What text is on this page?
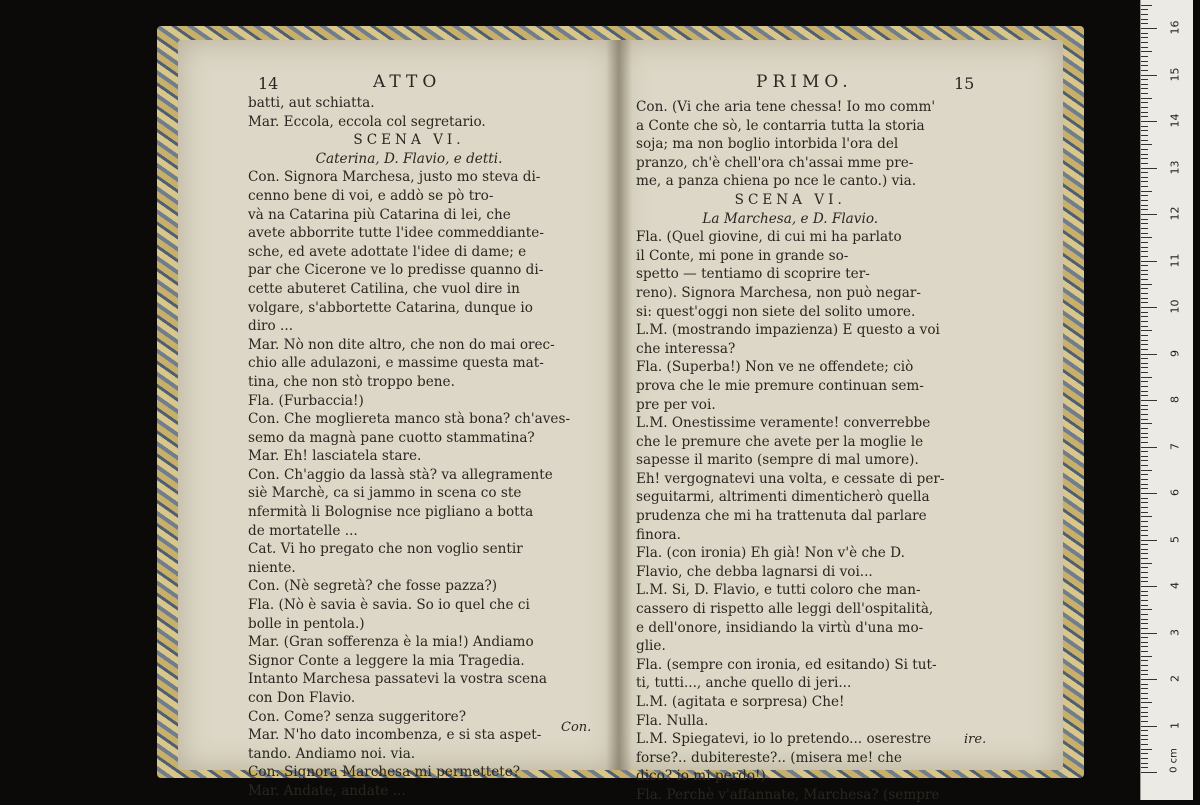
14	ATTO

batti, aut schiatta.

Mar. Eccola, eccola col segretario.

SCENA VI.

Caterina, D. Flavio, e detti.

Con. Signora Marchesa, justo mo steva di-

cenno bene di voi, e addò se pò tro-

và na Catarina più Catarina di lei, che

avete abborrite tutte l'idee commeddiante-

sche, ed avete adottate l'idee di dame; e

par che Cicerone ve lo predisse quanno di-

cette abuteret Catilina, che vuol dire in

volgare, s'abbortette Catarina, dunque io

diro ...

Mar. Nò non dite altro, che non do mai orec-

chio alle adulazoni, e massime questa mat-

tina, che non stò troppo bene.

Fla. (Furbaccia!)

Con. Che mogliereta manco stà bona? ch'aves-

semo da magnà pane cuotto stammatina?

Mar. Eh! lasciatela stare.

Con. Ch'aggio da lassà stà? va allegramente

siè Marchè, ca si jammo in scena co ste

nfermità li Bolognise nce pigliano a botta

de mortatelle ...

Cat. Vi ho pregato che non voglio sentir

niente.

Con. (Nè segretà? che fosse pazza?)

Fla. (Nò è savia è savia. So io quel che ci

bolle in pentola.)

Mar. (Gran sofferenza è la mia!) Andiamo

Signor Conte a leggere la mia Tragedia.

Intanto Marchesa passatevi la vostra scena

con Don Flavio.

Con. Come? senza suggeritore?

Mar. N'ho dato incombenza, e si sta aspet-

tando. Andiamo noi. via.

Con. Signora Marchesa mi permettete?

Mar. Andate, andate ...

Con.
PRIMO.	15

Con. (Vi che aria tene chessa! Io mo comm'

a Conte che sò, le contarria tutta la storia

soja; ma non boglio intorbida l'ora del

pranzo, ch'è chell'ora ch'assai mme pre-

me, a panza chiena po nce le canto.) via.

SCENA VI.

La Marchesa, e D. Flavio.

Fla. (Quel giovine, di cui mi ha parlato

il Conte, mi pone in grande so-

spetto — tentiamo di scoprire ter-

reno). Signora Marchesa, non può negar-

si: quest'oggi non siete del solito umore.

L.M. (mostrando impazienza) E questo a voi

che interessa?

Fla. (Superba!) Non ve ne offendete; ciò

prova che le mie premure continuan sem-

pre per voi.

L.M. Onestissime veramente! converrebbe

che le premure che avete per la moglie le

sapesse il marito (sempre di mal umore).

Eh! vergognatevi una volta, e cessate di per-

seguitarmi, altrimenti dimenticherò quella

prudenza che mi ha trattenuta dal parlare

finora.

Fla. (con ironia) Eh già! Non v'è che D.

Flavio, che debba lagnarsi di voi...

L.M. Si, D. Flavio, e tutti coloro che man-

cassero di rispetto alle leggi dell'ospitalità,

e dell'onore, insidiando la virtù d'una mo-

glie.

Fla. (sempre con ironia, ed esitando) Si tut-

ti, tutti..., anche quello di jeri...

L.M. (agitata e sorpresa) Che!

Fla. Nulla.

L.M. Spiegatevi, io lo pretendo... oserestre

forse?.. dubitereste?.. (misera me! che

dico? io mi perdo!)

Fla. Perchè v'affannate, Marchesa? (sempre

ire.
0 cm
1
2
3
4
5
6
7
8
9
10
11
12
13
14
15
16
